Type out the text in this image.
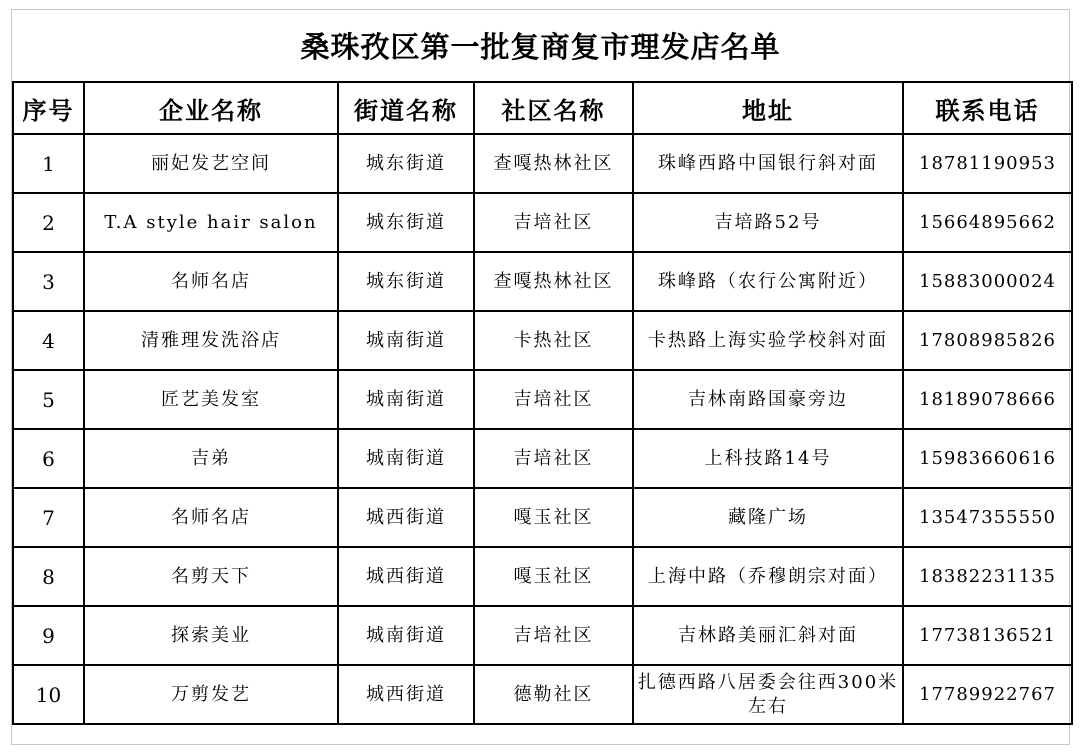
桑珠孜区第一批复商复市理发店名单
序号	企业名称	街道名称	社区名称	地址	联系电话
1	丽妃发艺空间	城东街道	查嘎热林社区	珠峰西路中国银行斜对面	18781190953
2	T.A style hair salon	城东街道	吉培社区	吉培路52号	15664895662
3	名师名店	城东街道	查嘎热林社区	珠峰路（农行公寓附近）	15883000024
4	清雅理发洗浴店	城南街道	卡热社区	卡热路上海实验学校斜对面	17808985826
5	匠艺美发室	城南街道	吉培社区	吉林南路国豪旁边	18189078666
6	吉弟	城南街道	吉培社区	上科技路14号	15983660616
7	名师名店	城西街道	嘎玉社区	藏隆广场	13547355550
8	名剪天下	城西街道	嘎玉社区	上海中路（乔穆朗宗对面）	18382231135
9	探索美业	城南街道	吉培社区	吉林路美丽汇斜对面	17738136521
10	万剪发艺	城西街道	德勒社区	扎德西路八居委会往西300米左右	17789922767
